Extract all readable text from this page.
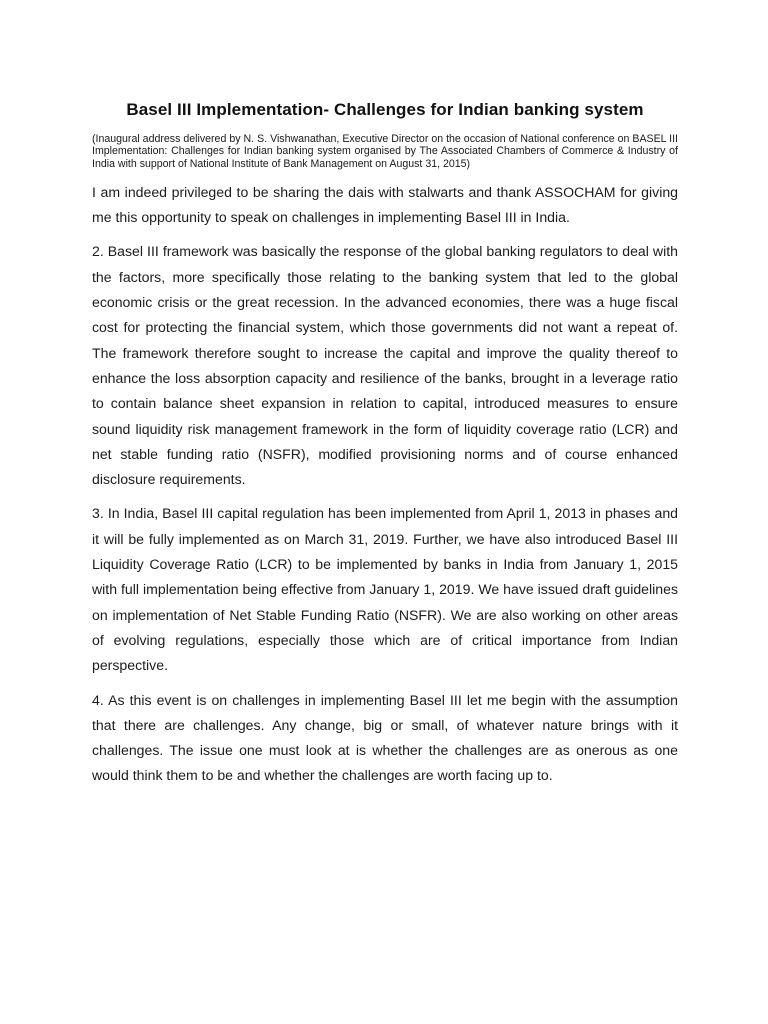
Basel III Implementation- Challenges for Indian banking system

(Inaugural address delivered by N. S. Vishwanathan, Executive Director on the occasion of National conference on BASEL III Implementation: Challenges for Indian banking system organised by The Associated Chambers of Commerce & Industry of India with support of National Institute of Bank Management on August 31, 2015)

I am indeed privileged to be sharing the dais with stalwarts and thank ASSOCHAM for giving me this opportunity to speak on challenges in implementing Basel III in India.

2. Basel III framework was basically the response of the global banking regulators to deal with the factors, more specifically those relating to the banking system that led to the global economic crisis or the great recession. In the advanced economies, there was a huge fiscal cost for protecting the financial system, which those governments did not want a repeat of. The framework therefore sought to increase the capital and improve the quality thereof to enhance the loss absorption capacity and resilience of the banks, brought in a leverage ratio to contain balance sheet expansion in relation to capital, introduced measures to ensure sound liquidity risk management framework in the form of liquidity coverage ratio (LCR) and net stable funding ratio (NSFR), modified provisioning norms and of course enhanced disclosure requirements.

3. In India, Basel III capital regulation has been implemented from April 1, 2013 in phases and it will be fully implemented as on March 31, 2019. Further, we have also introduced Basel III Liquidity Coverage Ratio (LCR) to be implemented by banks in India from January 1, 2015 with full implementation being effective from January 1, 2019. We have issued draft guidelines on implementation of Net Stable Funding Ratio (NSFR). We are also working on other areas of evolving regulations, especially those which are of critical importance from Indian perspective.

4. As this event is on challenges in implementing Basel III let me begin with the assumption that there are challenges. Any change, big or small, of whatever nature brings with it challenges. The issue one must look at is whether the challenges are as onerous as one would think them to be and whether the challenges are worth facing up to.
